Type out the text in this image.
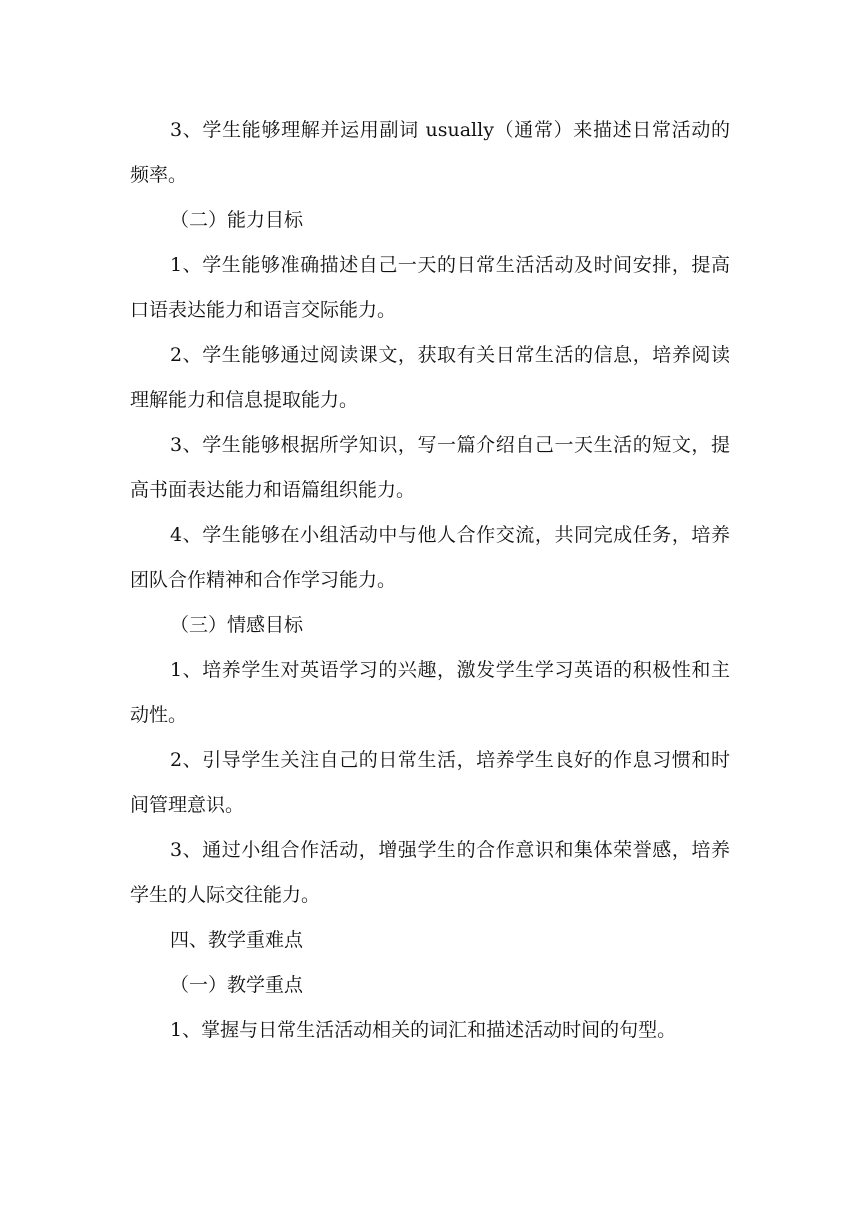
3、学生能够理解并运用副词 usually（通常）来描述日常活动的频率。

（二）能力目标

1、学生能够准确描述自己一天的日常生活活动及时间安排，提高口语表达能力和语言交际能力。

2、学生能够通过阅读课文，获取有关日常生活的信息，培养阅读理解能力和信息提取能力。

3、学生能够根据所学知识，写一篇介绍自己一天生活的短文，提高书面表达能力和语篇组织能力。

4、学生能够在小组活动中与他人合作交流，共同完成任务，培养团队合作精神和合作学习能力。

（三）情感目标

1、培养学生对英语学习的兴趣，激发学生学习英语的积极性和主动性。

2、引导学生关注自己的日常生活，培养学生良好的作息习惯和时间管理意识。

3、通过小组合作活动，增强学生的合作意识和集体荣誉感，培养学生的人际交往能力。

四、教学重难点

（一）教学重点

1、掌握与日常生活活动相关的词汇和描述活动时间的句型。
